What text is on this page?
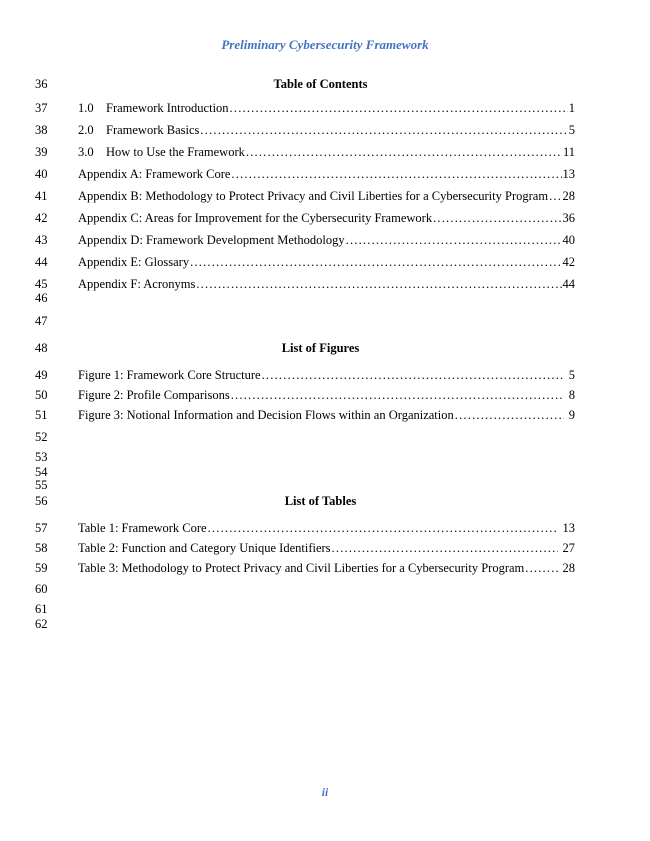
Preliminary Cybersecurity Framework
36	Table of Contents
37 1.0 Framework Introduction .....	1
38 2.0 Framework Basics .....	5
39 3.0 How to Use the Framework .....	11
40 Appendix A: Framework Core .....	13
41 Appendix B: Methodology to Protect Privacy and Civil Liberties for a Cybersecurity Program ..... 28
42 Appendix C: Areas for Improvement for the Cybersecurity Framework .....	36
43 Appendix D: Framework Development Methodology .....	40
44 Appendix E: Glossary .....	42
45 Appendix F: Acronyms .....	44
46
47
48	List of Figures
49 Figure 1: Framework Core Structure .....	5
50 Figure 2: Profile Comparisons .....	8
51 Figure 3: Notional Information and Decision Flows within an Organization .....	9
52
53
54
55
56	List of Tables
57 Table 1: Framework Core .....	13
58 Table 2: Function and Category Unique Identifiers .....	27
59 Table 3: Methodology to Protect Privacy and Civil Liberties for a Cybersecurity Program .....	28
60
61
62
ii
